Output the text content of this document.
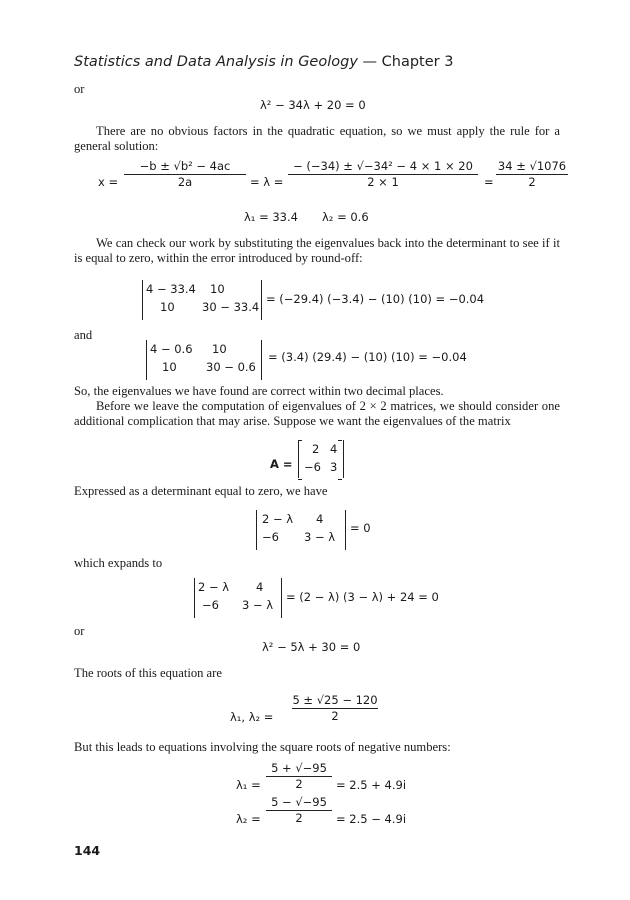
Statistics and Data Analysis in Geology — Chapter 3
or
λ² − 34λ + 20 = 0
There are no obvious factors in the quadratic equation, so we must apply the rule for a general solution:
x =
−b ± √b² − 4ac
2a	= λ =
− (−34) ± √−34² − 4 × 1 × 20
2 × 1	=
34 ± √1076
2
λ₁ = 33.4 λ₂ = 0.6
We can check our work by substituting the eigenvalues back into the determinant to see if it is equal to zero, within the error introduced by round-off:
4 − 33.4 10
10 30 − 33.4
= (−29.4) (−3.4) − (10) (10) = −0.04
and
4 − 0.6 10
10	30 − 0.6
= (3.4) (29.4) − (10) (10) = −0.04
So, the eigenvalues we have found are correct within two decimal places.
Before we leave the computation of eigenvalues of 2 × 2 matrices, we should consider one additional complication that may arise. Suppose we want the eigenvalues of the matrix
A =
2 4
−6 3
Expressed as a determinant equal to zero, we have
2 − λ 4
−6 3 − λ
= 0
which expands to
2 − λ 4
−6 3 − λ
= (2 − λ) (3 − λ) + 24 = 0
or
λ² − 5λ + 30 = 0
The roots of this equation are
λ₁, λ₂ =
5 ± √25 − 120
2
But this leads to equations involving the square roots of negative numbers:
λ₁ =
5 + √−95
2	= 2.5 + 4.9i
λ₂ =
5 − √−95
2	= 2.5 − 4.9i
144
